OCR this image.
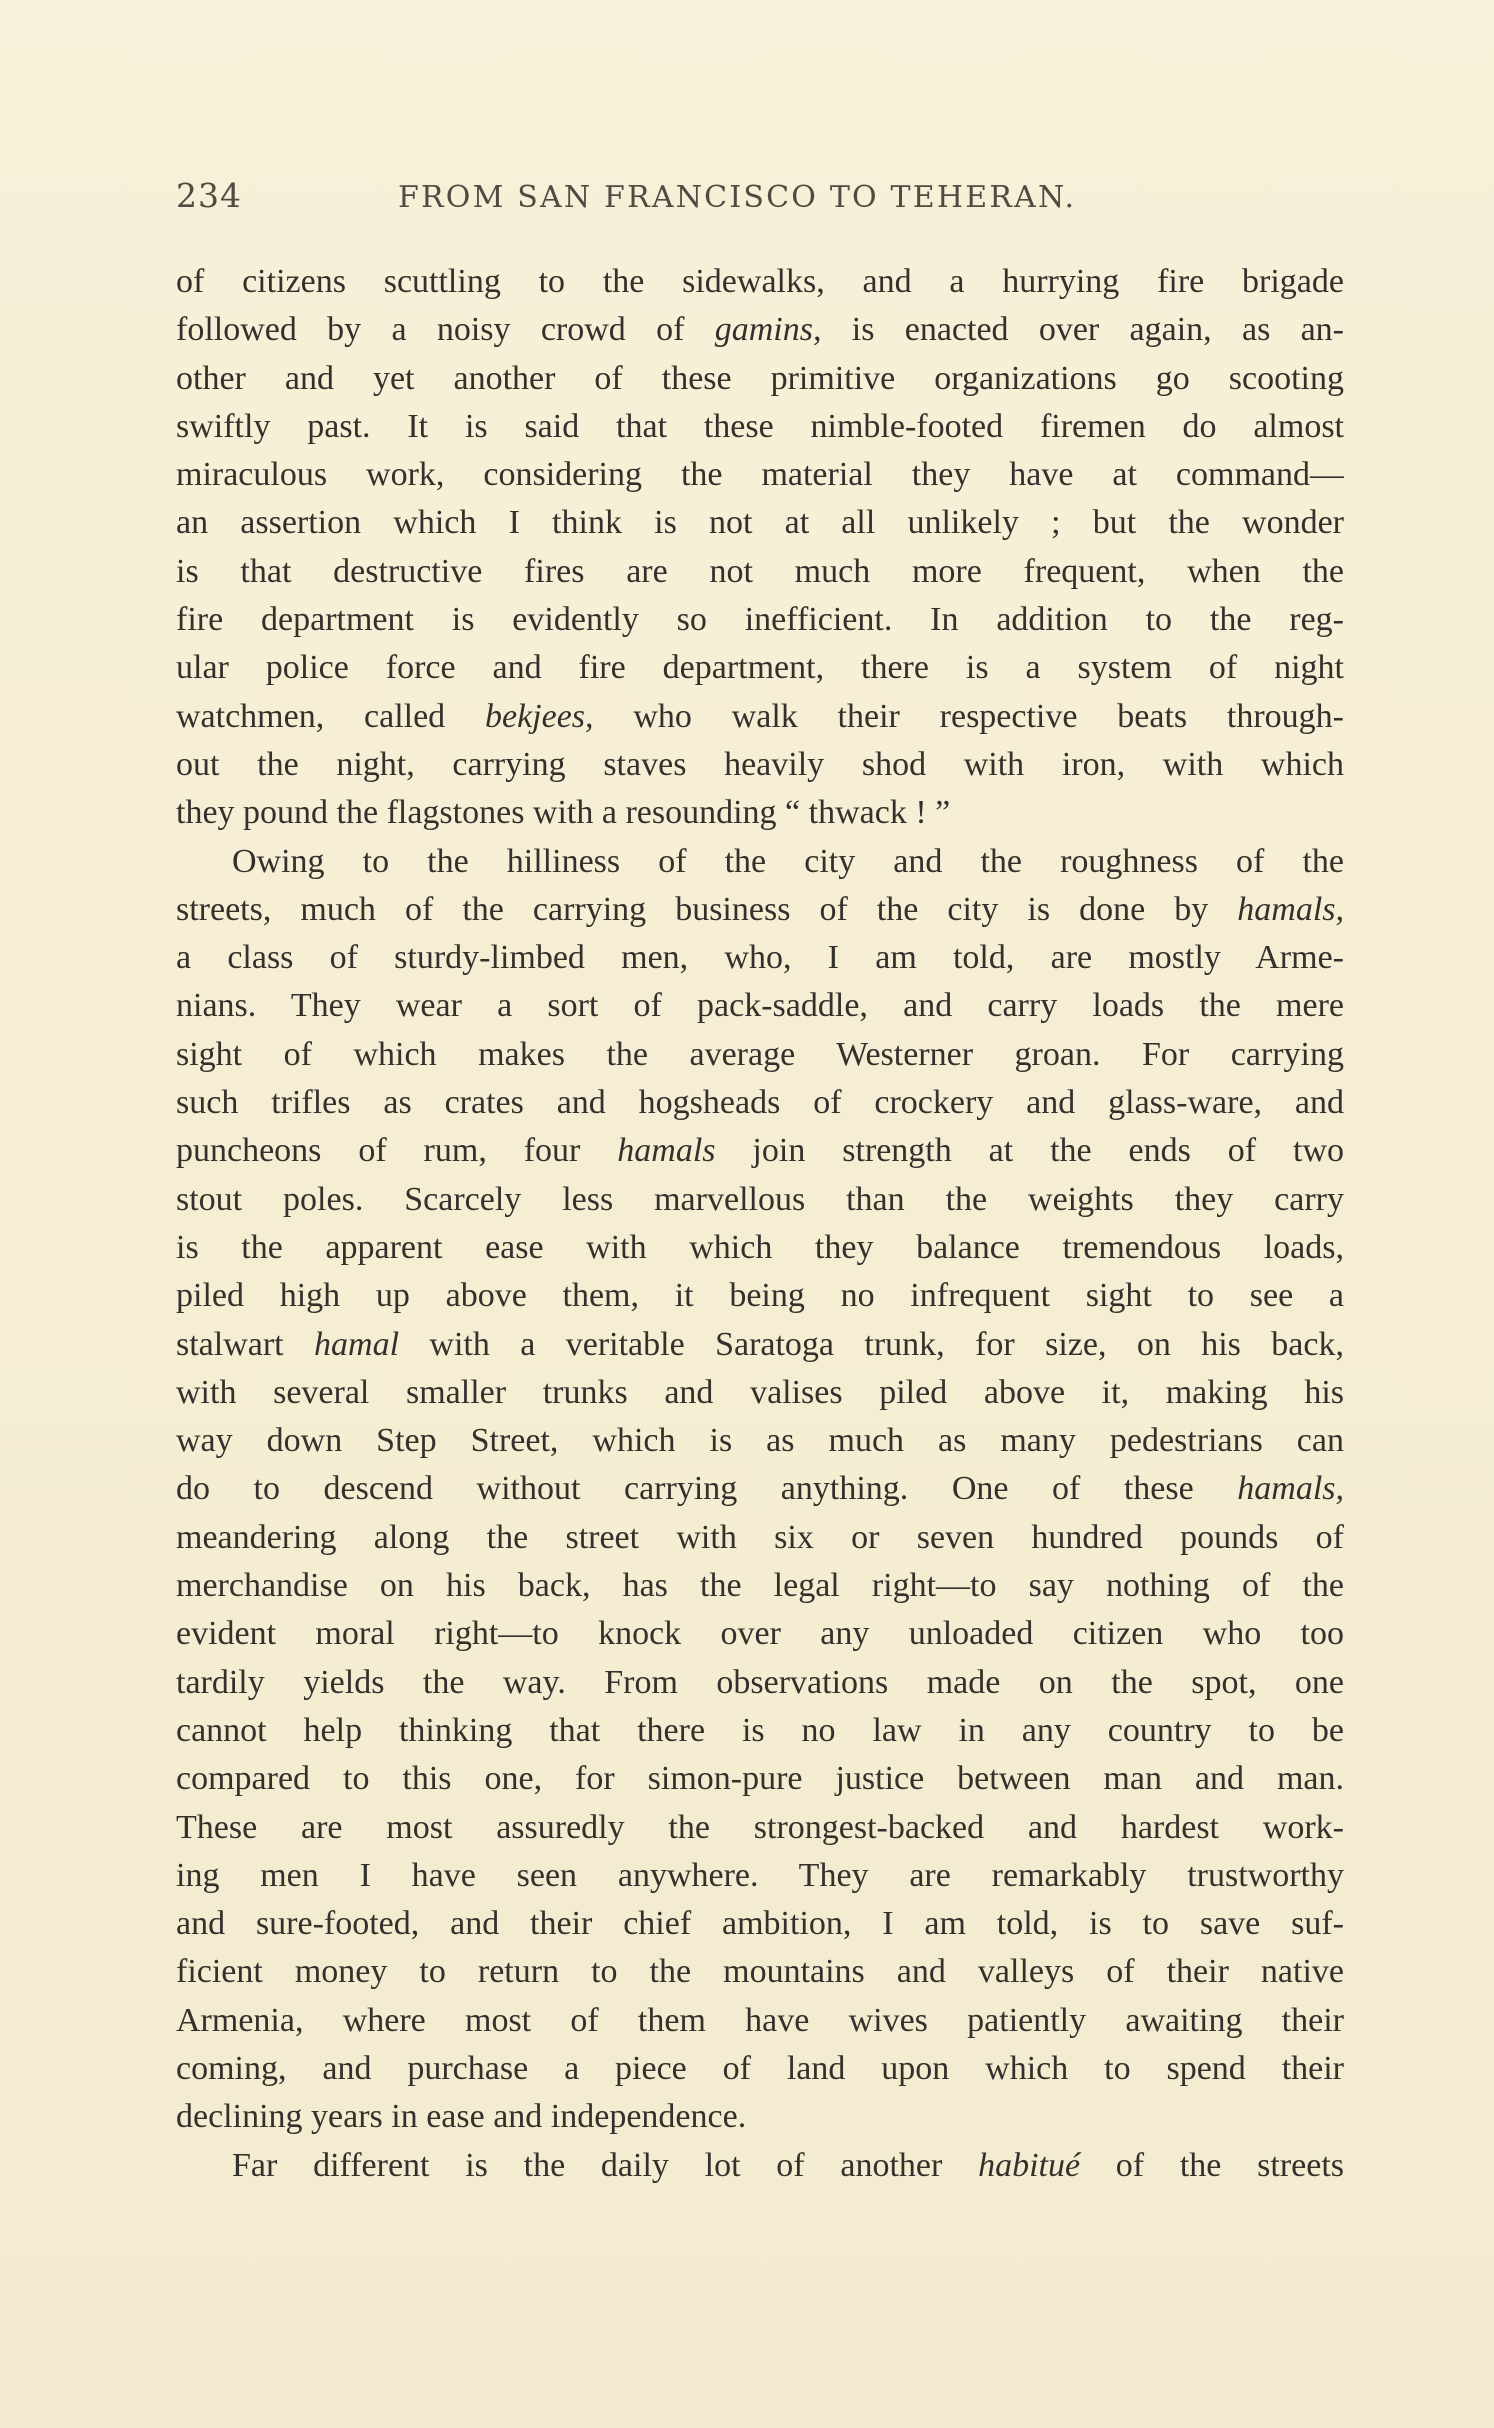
234	FROM SAN FRANCISCO TO TEHERAN.
of citizens scuttling to the sidewalks, and a hurrying fire brigade
followed by a noisy crowd of gamins, is enacted over again, as an-
other and yet another of these primitive organizations go scooting
swiftly past. It is said that these nimble-footed firemen do almost
miraculous work, considering the material they have at command—
an assertion which I think is not at all unlikely ; but the wonder
is that destructive fires are not much more frequent, when the
fire department is evidently so inefficient. In addition to the reg-
ular police force and fire department, there is a system of night
watchmen, called bekjees, who walk their respective beats through-
out the night, carrying staves heavily shod with iron, with which
they pound the flagstones with a resounding “ thwack ! ”
Owing to the hilliness of the city and the roughness of the
streets, much of the carrying business of the city is done by hamals,
a class of sturdy-limbed men, who, I am told, are mostly Arme-
nians. They wear a sort of pack-saddle, and carry loads the mere
sight of which makes the average Westerner groan. For carrying
such trifles as crates and hogsheads of crockery and glass-ware, and
puncheons of rum, four hamals join strength at the ends of two
stout poles. Scarcely less marvellous than the weights they carry
is the apparent ease with which they balance tremendous loads,
piled high up above them, it being no infrequent sight to see a
stalwart hamal with a veritable Saratoga trunk, for size, on his back,
with several smaller trunks and valises piled above it, making his
way down Step Street, which is as much as many pedestrians can
do to descend without carrying anything. One of these hamals,
meandering along the street with six or seven hundred pounds of
merchandise on his back, has the legal right—to say nothing of the
evident moral right—to knock over any unloaded citizen who too
tardily yields the way. From observations made on the spot, one
cannot help thinking that there is no law in any country to be
compared to this one, for simon-pure justice between man and man.
These are most assuredly the strongest-backed and hardest work-
ing men I have seen anywhere. They are remarkably trustworthy
and sure-footed, and their chief ambition, I am told, is to save suf-
ficient money to return to the mountains and valleys of their native
Armenia, where most of them have wives patiently awaiting their
coming, and purchase a piece of land upon which to spend their
declining years in ease and independence.
Far different is the daily lot of another habitué of the streets
